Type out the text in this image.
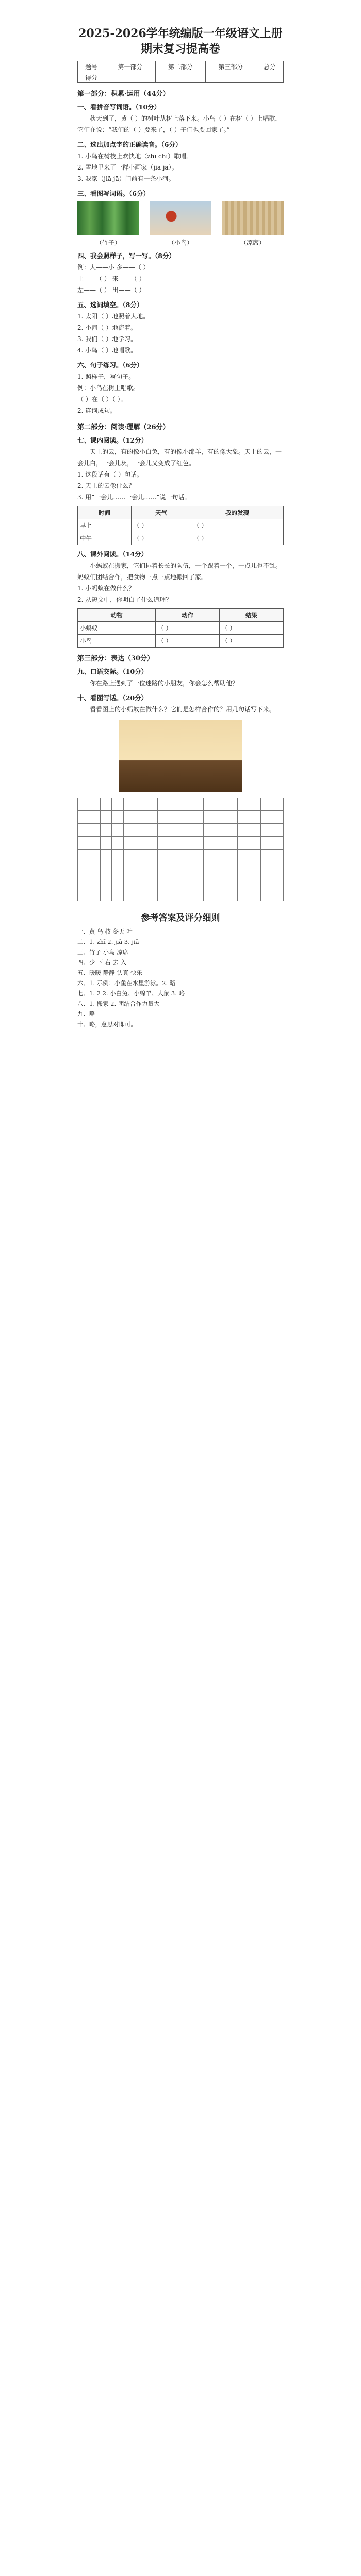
2025-2026学年统编版一年级语文上册 期末复习提高卷
题号	第一部分	第二部分	第三部分	总分
得分				
第一部分：积累·运用（44分）
一、看拼音写词语。（10分）

秋天到了，黄（ ）的树叶从树上落下来。小鸟（ ）在树（ ）上唱歌，它们在说：“我们的（ ）要来了，（ ）子们也要回家了。”

二、选出加点字的正确读音。（6分）

1. 小鸟在树枝上欢快地（zhī chī）歌唱。

2. 雪地里来了一群小画家（jiā jā）。

3. 我家（jiā jā）门前有一条小河。

三、看图写词语。（6分）
（竹子）	（小鸟）	（凉席）
四、我会照样子，写一写。（8分）

例：大——小 多——（ ）

上——（ ） 来——（ ）

左——（ ） 出——（ ）

五、选词填空。（8分）

1. 太阳（ ）地照着大地。

2. 小河（ ）地流着。

3. 我们（ ）地学习。

4. 小鸟（ ）地唱歌。

六、句子练习。（6分）

1. 照样子，写句子。

例：小鸟在树上唱歌。

（ ）在（ ）（ ）。

2. 连词成句。

第二部分：阅读·理解（26分）
七、课内阅读。（12分）

天上的云，有的像小白兔，有的像小绵羊，有的像大象。天上的云，一会儿白，一会儿灰，一会儿又变成了红色。

1. 这段话有（ ）句话。

2. 天上的云像什么？

3. 用“一会儿……一会儿……”说一句话。

时间	天气	我的发现
早上	（ ）	（ ）
中午	（ ）	（ ）
八、课外阅读。（14分）

小蚂蚁在搬家，它们排着长长的队伍，一个跟着一个，一点儿也不乱。蚂蚁们团结合作，把食物一点一点地搬回了家。

1. 小蚂蚁在做什么？

2. 从短文中，你明白了什么道理？

动物	动作	结果
小蚂蚁	（ ）	（ ）
小鸟	（ ）	（ ）
第三部分：表达（30分）
九、口语交际。（10分）

你在路上遇到了一位迷路的小朋友，你会怎么帮助他？

十、看图写话。（20分）

看看图上的小蚂蚁在做什么？它们是怎样合作的？用几句话写下来。

参考答案及评分细则

一、黄 鸟 枝 冬天 叶

二、1. zhī 2. jiā 3. jiā

三、竹子 小鸟 凉席

四、少 下 右 去 入

五、暖暖 静静 认真 快乐

六、1. 示例：小鱼在水里游泳。2. 略

七、1. 2 2. 小白兔、小绵羊、大象 3. 略

八、1. 搬家 2. 团结合作力量大

九、略

十、略，意思对即可。
